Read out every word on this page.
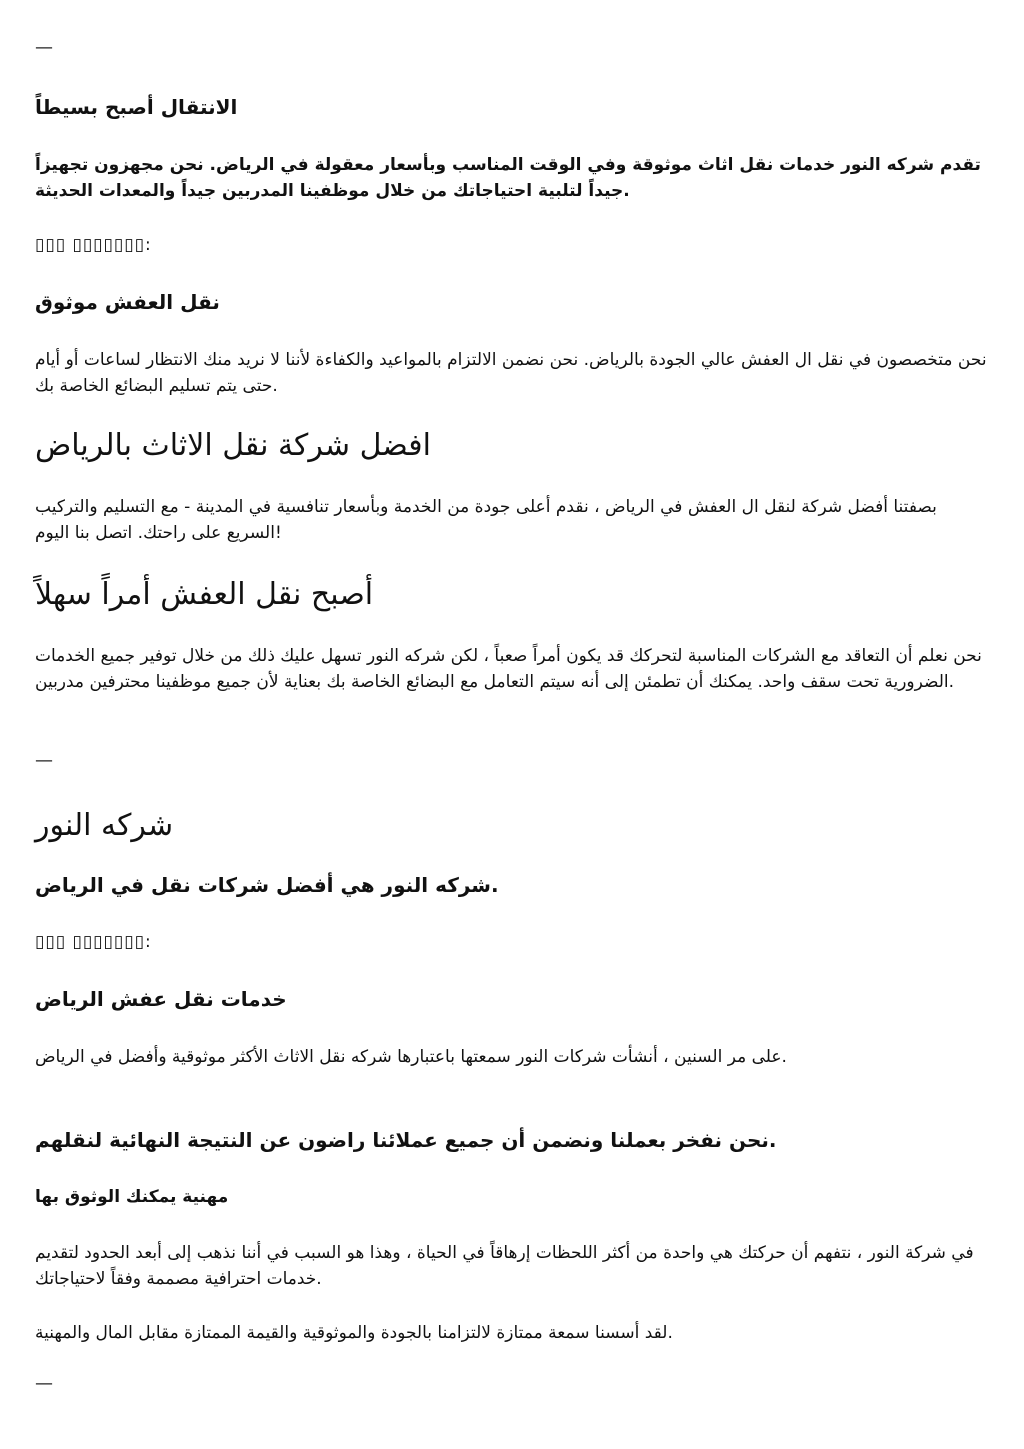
—
الانتقال أصبح بسيطاً

تقدم شركه النور خدمات نقل اثاث موثوقة وفي الوقت المناسب وبأسعار معقولة في الرياض. نحن مجهزون تجهيزاً جيداً لتلبية احتياجاتك من خلال موظفينا المدربين جيداً والمعدات الحديثة.

▯▯▯ ▯▯▯▯▯▯▯:
نقل العفش موثوق

نحن متخصصون في نقل ال العفش عالي الجودة بالرياض. نحن نضمن الالتزام بالمواعيد والكفاءة لأننا لا نريد منك الانتظار لساعات أو أيام حتى يتم تسليم البضائع الخاصة بك.

افضل شركة نقل الاثاث بالرياض

بصفتنا أفضل شركة لنقل ال العفش في الرياض ، نقدم أعلى جودة من الخدمة وبأسعار تنافسية في المدينة - مع التسليم والتركيب السريع على راحتك. اتصل بنا اليوم!

أصبح نقل العفش أمراً سهلاً

نحن نعلم أن التعاقد مع الشركات المناسبة لتحركك قد يكون أمراً صعباً ، لكن شركه النور تسهل عليك ذلك من خلال توفير جميع الخدمات الضرورية تحت سقف واحد. يمكنك أن تطمئن إلى أنه سيتم التعامل مع البضائع الخاصة بك بعناية لأن جميع موظفينا محترفين مدربين.

—
شركه النور
شركه النور هي أفضل شركات نقل في الرياض.
▯▯▯ ▯▯▯▯▯▯▯:
خدمات نقل عفش الرياض

على مر السنين ، أنشأت شركات النور سمعتها باعتبارها شركه نقل الاثاث الأكثر موثوقية وأفضل في الرياض.

نحن نفخر بعملنا ونضمن أن جميع عملائنا راضون عن النتيجة النهائية لنقلهم.
مهنية يمكنك الوثوق بها

في شركة النور ، نتفهم أن حركتك هي واحدة من أكثر اللحظات إرهاقاً في الحياة ، وهذا هو السبب في أننا نذهب إلى أبعد الحدود لتقديم خدمات احترافية مصممة وفقاً لاحتياجاتك.

لقد أسسنا سمعة ممتازة لالتزامنا بالجودة والموثوقية والقيمة الممتازة مقابل المال والمهنية.

—
